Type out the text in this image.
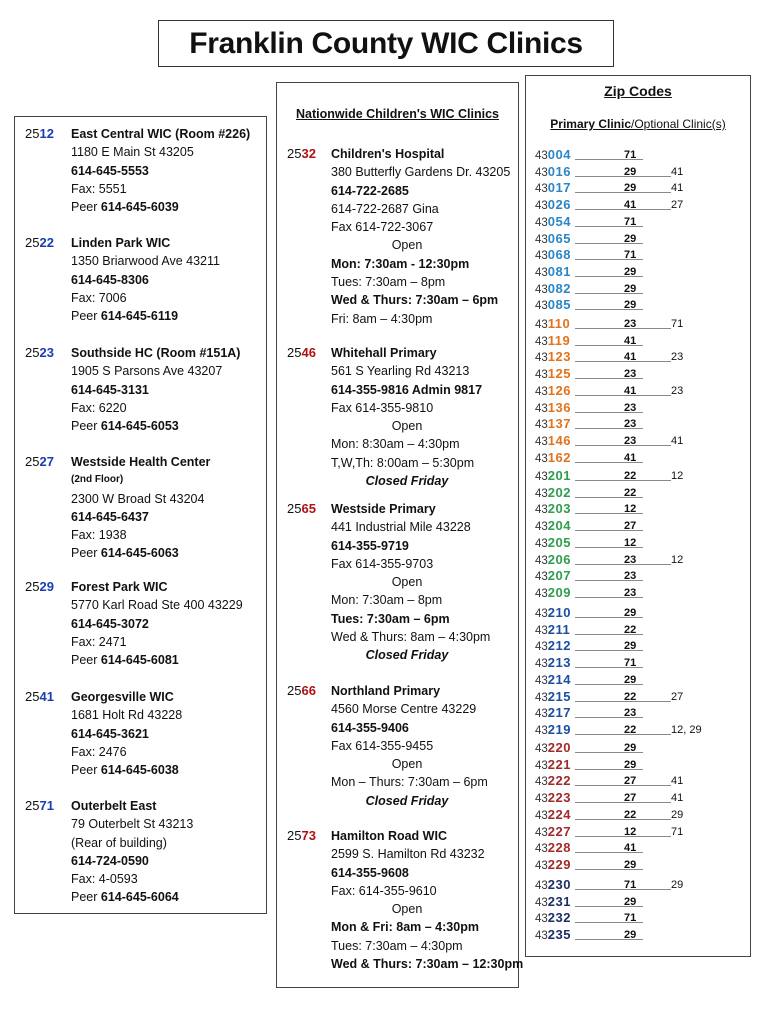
Franklin County WIC Clinics
2512 East Central WIC (Room #226)
1180 E Main St 43205
614-645-5553
Fax: 5551
Peer 614-645-6039
2522 Linden Park WIC
1350 Briarwood Ave 43211
614-645-8306
Fax: 7006
Peer 614-645-6119
2523 Southside HC (Room #151A)
1905 S Parsons Ave 43207
614-645-3131
Fax: 6220
Peer 614-645-6053
2527 Westside Health Center
(2nd Floor)
2300 W Broad St 43204
614-645-6437
Fax: 1938
Peer 614-645-6063
2529 Forest Park WIC
5770 Karl Road Ste 400 43229
614-645-3072
Fax: 2471
Peer 614-645-6081
2541 Georgesville WIC
1681 Holt Rd 43228
614-645-3621
Fax: 2476
Peer 614-645-6038
2571 Outerbelt East
79 Outerbelt St 43213
(Rear of building)
614-724-0590
Fax: 4-0593
Peer 614-645-6064
Nationwide Children's WIC Clinics
2532 Children's Hospital
380 Butterfly Gardens Dr. 43205
614-722-2685
614-722-2687 Gina
Fax 614-722-3067
Open
Mon: 7:30am - 12:30pm
Tues: 7:30am – 8pm
Wed & Thurs: 7:30am – 6pm
Fri: 8am – 4:30pm
2546 Whitehall Primary
561 S Yearling Rd 43213
614-355-9816 Admin 9817
Fax 614-355-9810
Open
Mon: 8:30am – 4:30pm
T,W,Th: 8:00am – 5:30pm
Closed Friday
2565 Westside Primary
441 Industrial Mile 43228
614-355-9719
Fax 614-355-9703
Open
Mon: 7:30am – 8pm
Tues: 7:30am – 6pm
Wed & Thurs: 8am – 4:30pm
Closed Friday
2566 Northland Primary
4560 Morse Centre 43229
614-355-9406
Fax 614-355-9455
Open
Mon – Thurs: 7:30am – 6pm
Closed Friday
2573 Hamilton Road WIC
2599 S. Hamilton Rd 43232
614-355-9608
Fax: 614-355-9610
Open
Mon & Fri: 8am – 4:30pm
Tues: 7:30am – 4:30pm
Wed & Thurs: 7:30am – 12:30pm
Zip Codes
Primary Clinic/Optional Clinic(s)
43004	71
43016	29	41
43017	29	41
43026	41	27
43054	71
43065	29
43068	71
43081	29
43082	29
43085	29
43110	23	71
43119	41
43123	41	23
43125	23
43126	41	23
43136	23
43137	23
43146	23	41
43162	41
43201	22	12
43202	22
43203	12
43204	27
43205	12
43206	23	12
43207	23
43209	23
43210	29
43211	22
43212	29
43213	71
43214	29
43215	22	27
43217	23
43219	22	12, 29
43220	29
43221	29
43222	27	41
43223	27	41
43224	22	29
43227	12	71
43228	41
43229	29
43230	71	29
43231	29
43232	71
43235	29
